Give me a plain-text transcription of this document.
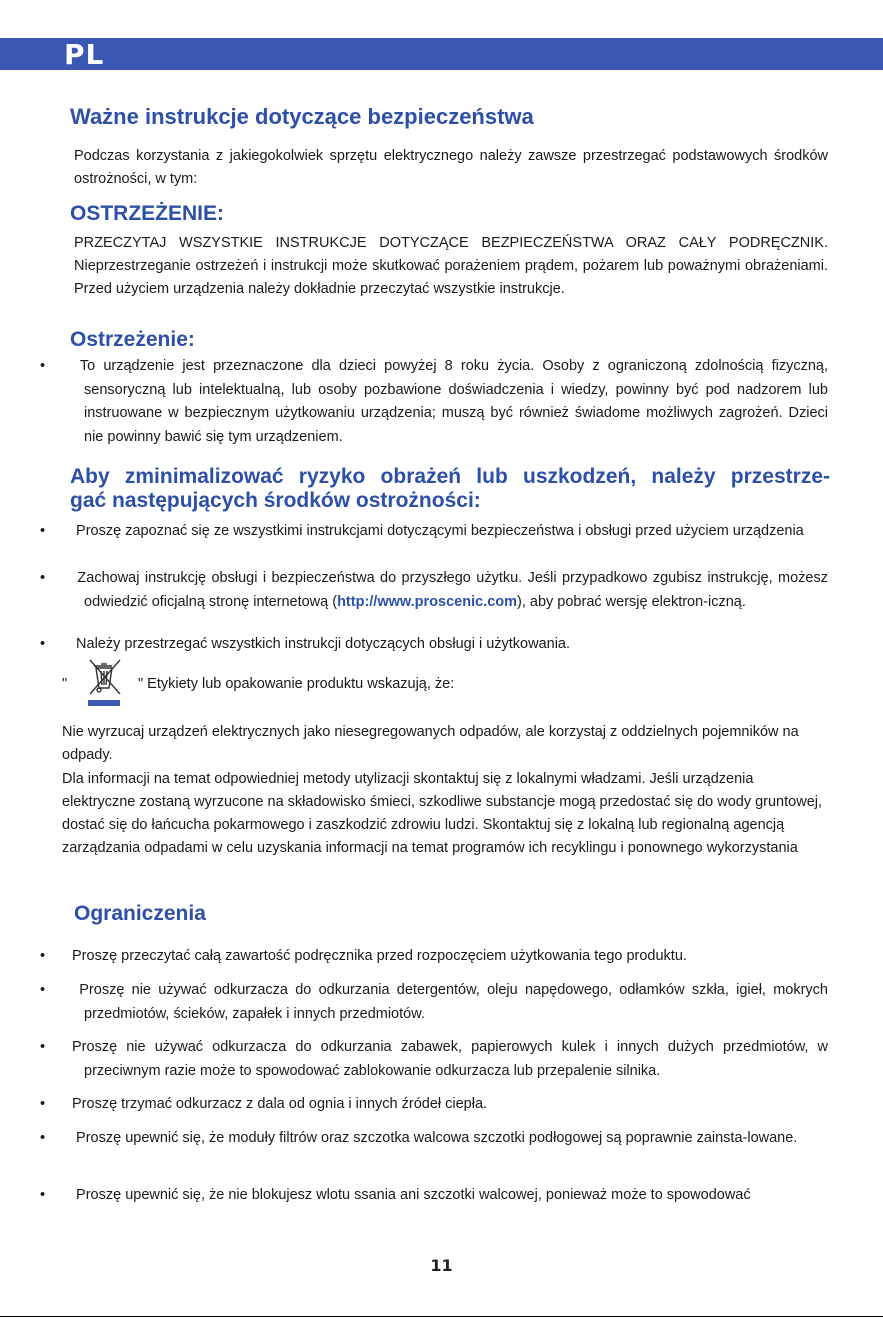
PL
Ważne instrukcje dotyczące bezpieczeństwa

Podczas korzystania z jakiegokolwiek sprzętu elektrycznego należy zawsze przestrzegać podstawowych środków ostrożności, w tym:

OSTRZEŻENIE:

PRZECZYTAJ WSZYSTKIE INSTRUKCJE DOTYCZĄCE BEZPIECZEŃSTWA ORAZ CAŁY PODRĘCZNIK. Nieprzestrzeganie ostrzeżeń i instrukcji może skutkować porażeniem prądem, pożarem lub poważnymi obrażeniami. Przed użyciem urządzenia należy dokładnie przeczytać wszystkie instrukcje.

Ostrzeżenie:
• To urządzenie jest przeznaczone dla dzieci powyżej 8 roku życia. Osoby z ograniczoną zdolnością fizyczną, sensoryczną lub intelektualną, lub osoby pozbawione doświadczenia i wiedzy, powinny być pod nadzorem lub instruowane w bezpiecznym użytkowaniu urządzenia; muszą być również świadome możliwych zagrożeń. Dzieci nie powinny bawić się tym urządzeniem.
Aby zminimalizować ryzyko obrażeń lub uszkodzeń, należy przestrze-
gać następujących środków ostrożności:
• Proszę zapoznać się ze wszystkimi instrukcjami dotyczącymi bezpieczeństwa i obsługi przed użyciem urządzenia
• Zachowaj instrukcję obsługi i bezpieczeństwa do przyszłego użytku. Jeśli przypadkowo zgubisz instrukcję, możesz odwiedzić oficjalną stronę internetową (http://www.proscenic.com), aby pobrać wersję elektron-iczną.
• Należy przestrzegać wszystkich instrukcji dotyczących obsługi i użytkowania.
"	" Etykiety lub opakowanie produktu wskazują, że:

Nie wyrzucaj urządzeń elektrycznych jako niesegregowanych odpadów, ale korzystaj z oddzielnych pojemników na odpady.

Dla informacji na temat odpowiedniej metody utylizacji skontaktuj się z lokalnymi władzami. Jeśli urządzenia elektryczne zostaną wyrzucone na składowisko śmieci, szkodliwe substancje mogą przedostać się do wody gruntowej, dostać się do łańcucha pokarmowego i zaszkodzić zdrowiu ludzi. Skontaktuj się z lokalną lub regionalną agencją zarządzania odpadami w celu uzyskania informacji na temat programów ich recyklingu i ponownego wykorzystania

Ograniczenia
• Proszę przeczytać całą zawartość podręcznika przed rozpoczęciem użytkowania tego produktu.
• Proszę nie używać odkurzacza do odkurzania detergentów, oleju napędowego, odłamków szkła, igieł, mokrych przedmiotów, ścieków, zapałek i innych przedmiotów.
• Proszę nie używać odkurzacza do odkurzania zabawek, papierowych kulek i innych dużych przedmiotów, w przeciwnym razie może to spowodować zablokowanie odkurzacza lub przepalenie silnika.
• Proszę trzymać odkurzacz z dala od ognia i innych źródeł ciepła.
• Proszę upewnić się, że moduły filtrów oraz szczotka walcowa szczotki podłogowej są poprawnie zainsta-lowane.
• Proszę upewnić się, że nie blokujesz wlotu ssania ani szczotki walcowej, ponieważ może to spowodować
11
